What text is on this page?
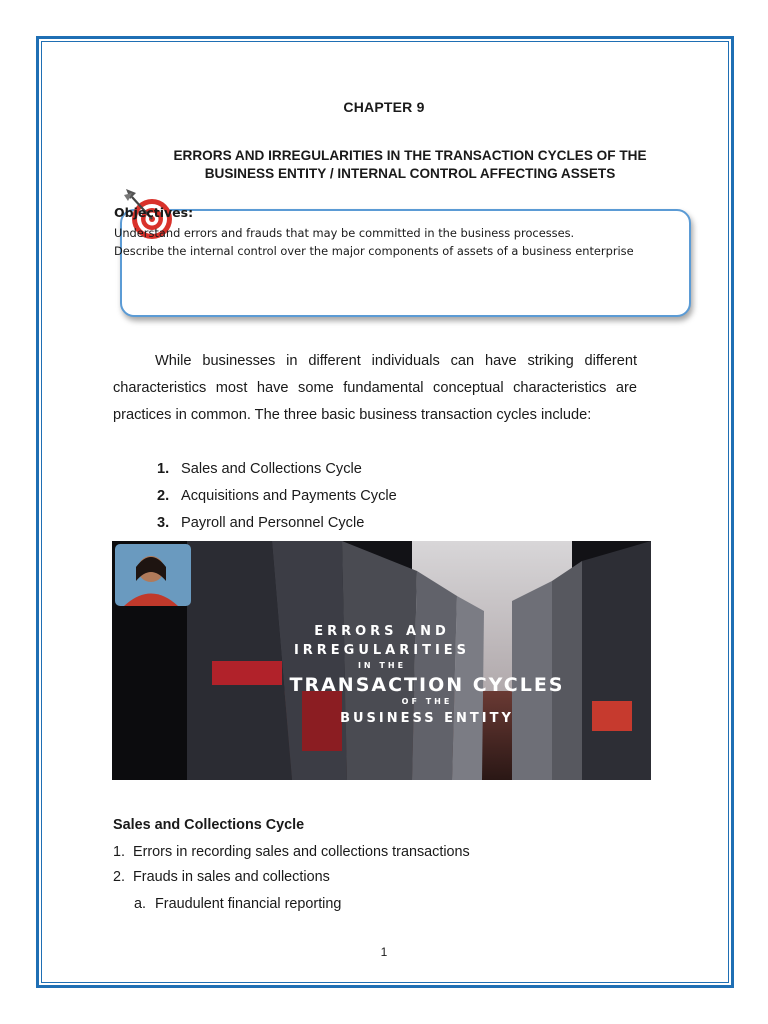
CHAPTER 9
ERRORS AND IRREGULARITIES IN THE TRANSACTION CYCLES OF THE
BUSINESS ENTITY / INTERNAL CONTROL AFFECTING ASSETS
Objectives:
Understand errors and frauds that may be committed in the business processes.
Describe the internal control over the major components of assets of a business enterprise

While businesses in different individuals can have striking different characteristics most have some fundamental conceptual characteristics are practices in common. The three basic business transaction cycles include:

1. Sales and Collections Cycle
2. Acquisitions and Payments Cycle
3. Payroll and Personnel Cycle
ERRORS AND
IRREGULARITIES
IN THE
TRANSACTION CYCLES
OF THE
BUSINESS ENTITY
Sales and Collections Cycle
1. Errors in recording sales and collections transactions
2. Frauds in sales and collections
a. Fraudulent financial reporting
1
